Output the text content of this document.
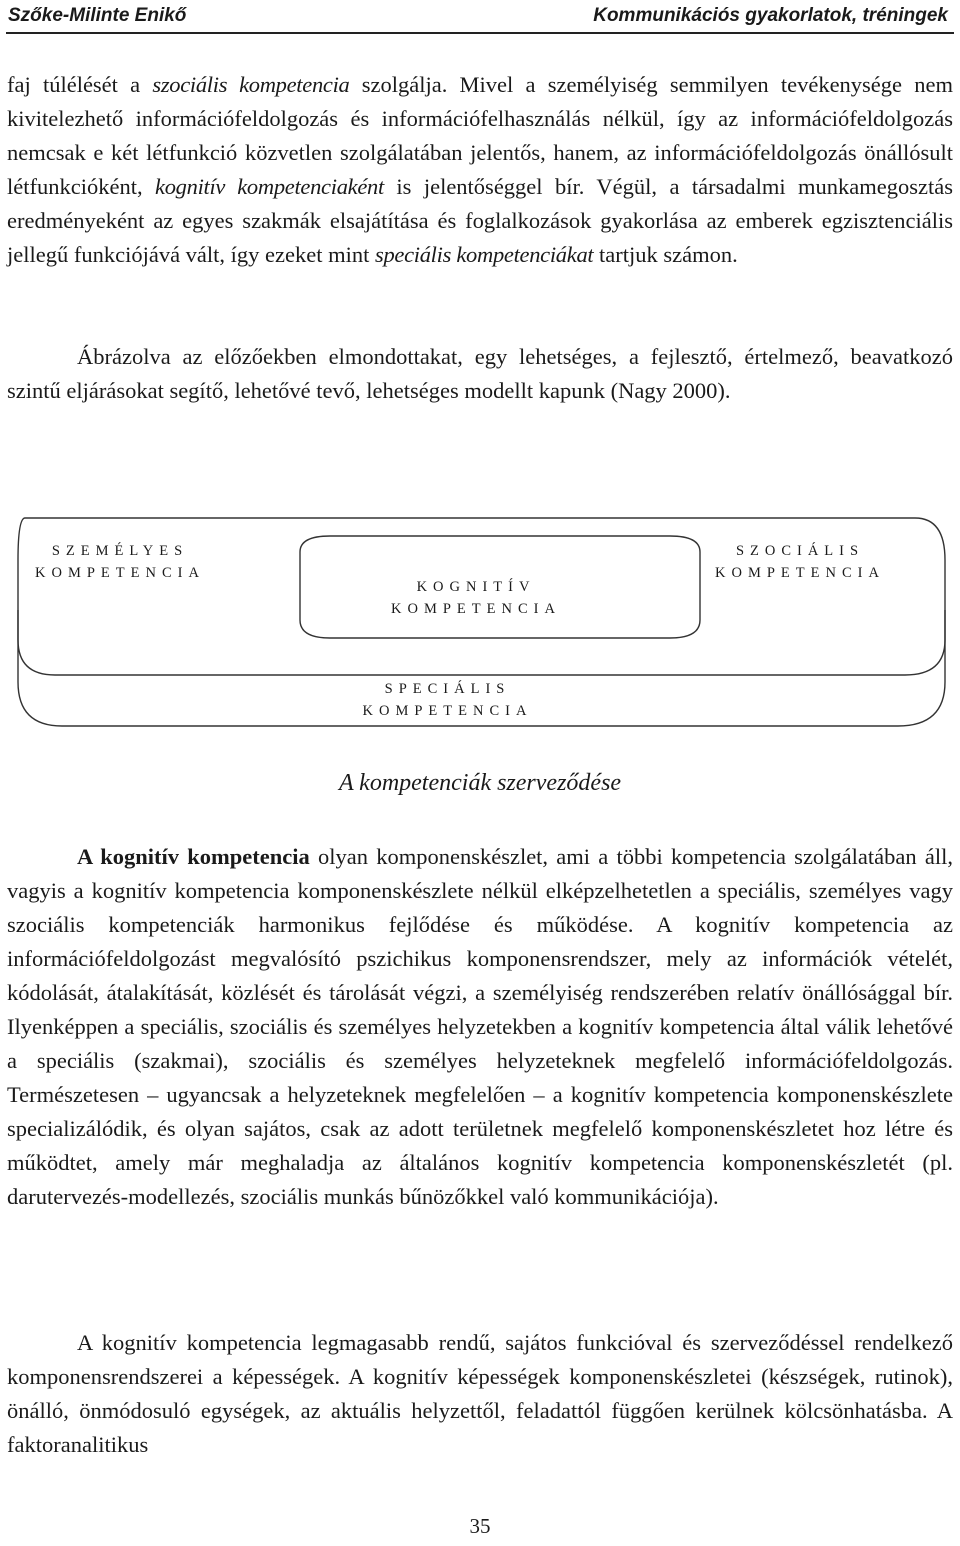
Szőke-Milinte Enikő	Kommunikációs gyakorlatok, tréningek

faj túlélését a szociális kompetencia szolgálja. Mivel a személyiség semmilyen tevékenysége nem kivitelezhető információfeldolgozás és információfelhasználás nélkül, így az információfeldolgozás nemcsak e két létfunkció közvetlen szolgálatában jelentős, hanem, az információfeldolgozás önállósult létfunkcióként, kognitív kompetenciaként is jelentőséggel bír. Végül, a társadalmi munkamegosztás eredményeként az egyes szakmák elsajátítása és foglalkozások gyakorlása az emberek egzisztenciális jellegű funkciójává vált, így ezeket mint speciális kompetenciákat tartjuk számon.

Ábrázolva az előzőekben elmondottakat, egy lehetséges, a fejlesztő, értelmező, beavatkozó szintű eljárásokat segítő, lehetővé tevő, lehetséges modellt kapunk (Nagy 2000).

SZEMÉLYES
KOMPETENCIA
KOGNITÍV
KOMPETENCIA
SZOCIÁLIS
KOMPETENCIA
SPECIÁLIS
KOMPETENCIA
A kompetenciák szerveződése

A kognitív kompetencia olyan komponenskészlet, ami a többi kompetencia szolgálatában áll, vagyis a kognitív kompetencia komponenskészlete nélkül elképzelhetetlen a speciális, személyes vagy szociális kompetenciák harmonikus fejlődése és működése. A kognitív kompetencia az információfeldolgozást megvalósító pszichikus komponensrendszer, mely az információk vételét, kódolását, átalakítását, közlését és tárolását végzi, a személyiség rendszerében relatív önállósággal bír. Ilyenképpen a speciális, szociális és személyes helyzetekben a kognitív kompetencia által válik lehetővé a speciális (szakmai), szociális és személyes helyzeteknek megfelelő információfeldolgozás. Természetesen – ugyancsak a helyzeteknek megfelelően – a kognitív kompetencia komponenskészlete specializálódik, és olyan sajátos, csak az adott területnek megfelelő komponenskészletet hoz létre és működtet, amely már meghaladja az általános kognitív kompetencia komponenskészletét (pl. darutervezés-modellezés, szociális munkás bűnözőkkel való kommunikációja).

A kognitív kompetencia legmagasabb rendű, sajátos funkcióval és szerveződéssel rendelkező komponensrendszerei a képességek. A kognitív képességek komponenskészletei (készségek, rutinok), önálló, önmódosuló egységek, az aktuális helyzettől, feladattól függően kerülnek kölcsönhatásba. A faktoranalitikus

35
